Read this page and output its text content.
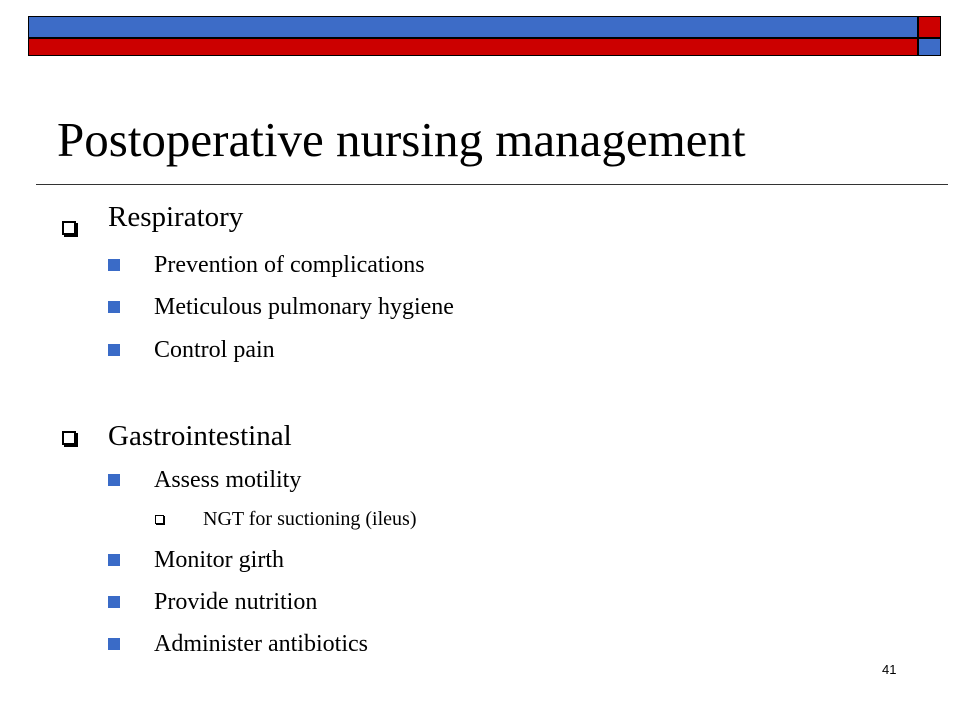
Postoperative nursing management
Respiratory
Prevention of complications
Meticulous pulmonary hygiene
Control pain
Gastrointestinal
Assess motility
NGT for suctioning (ileus)
Monitor girth
Provide nutrition
Administer antibiotics
41
